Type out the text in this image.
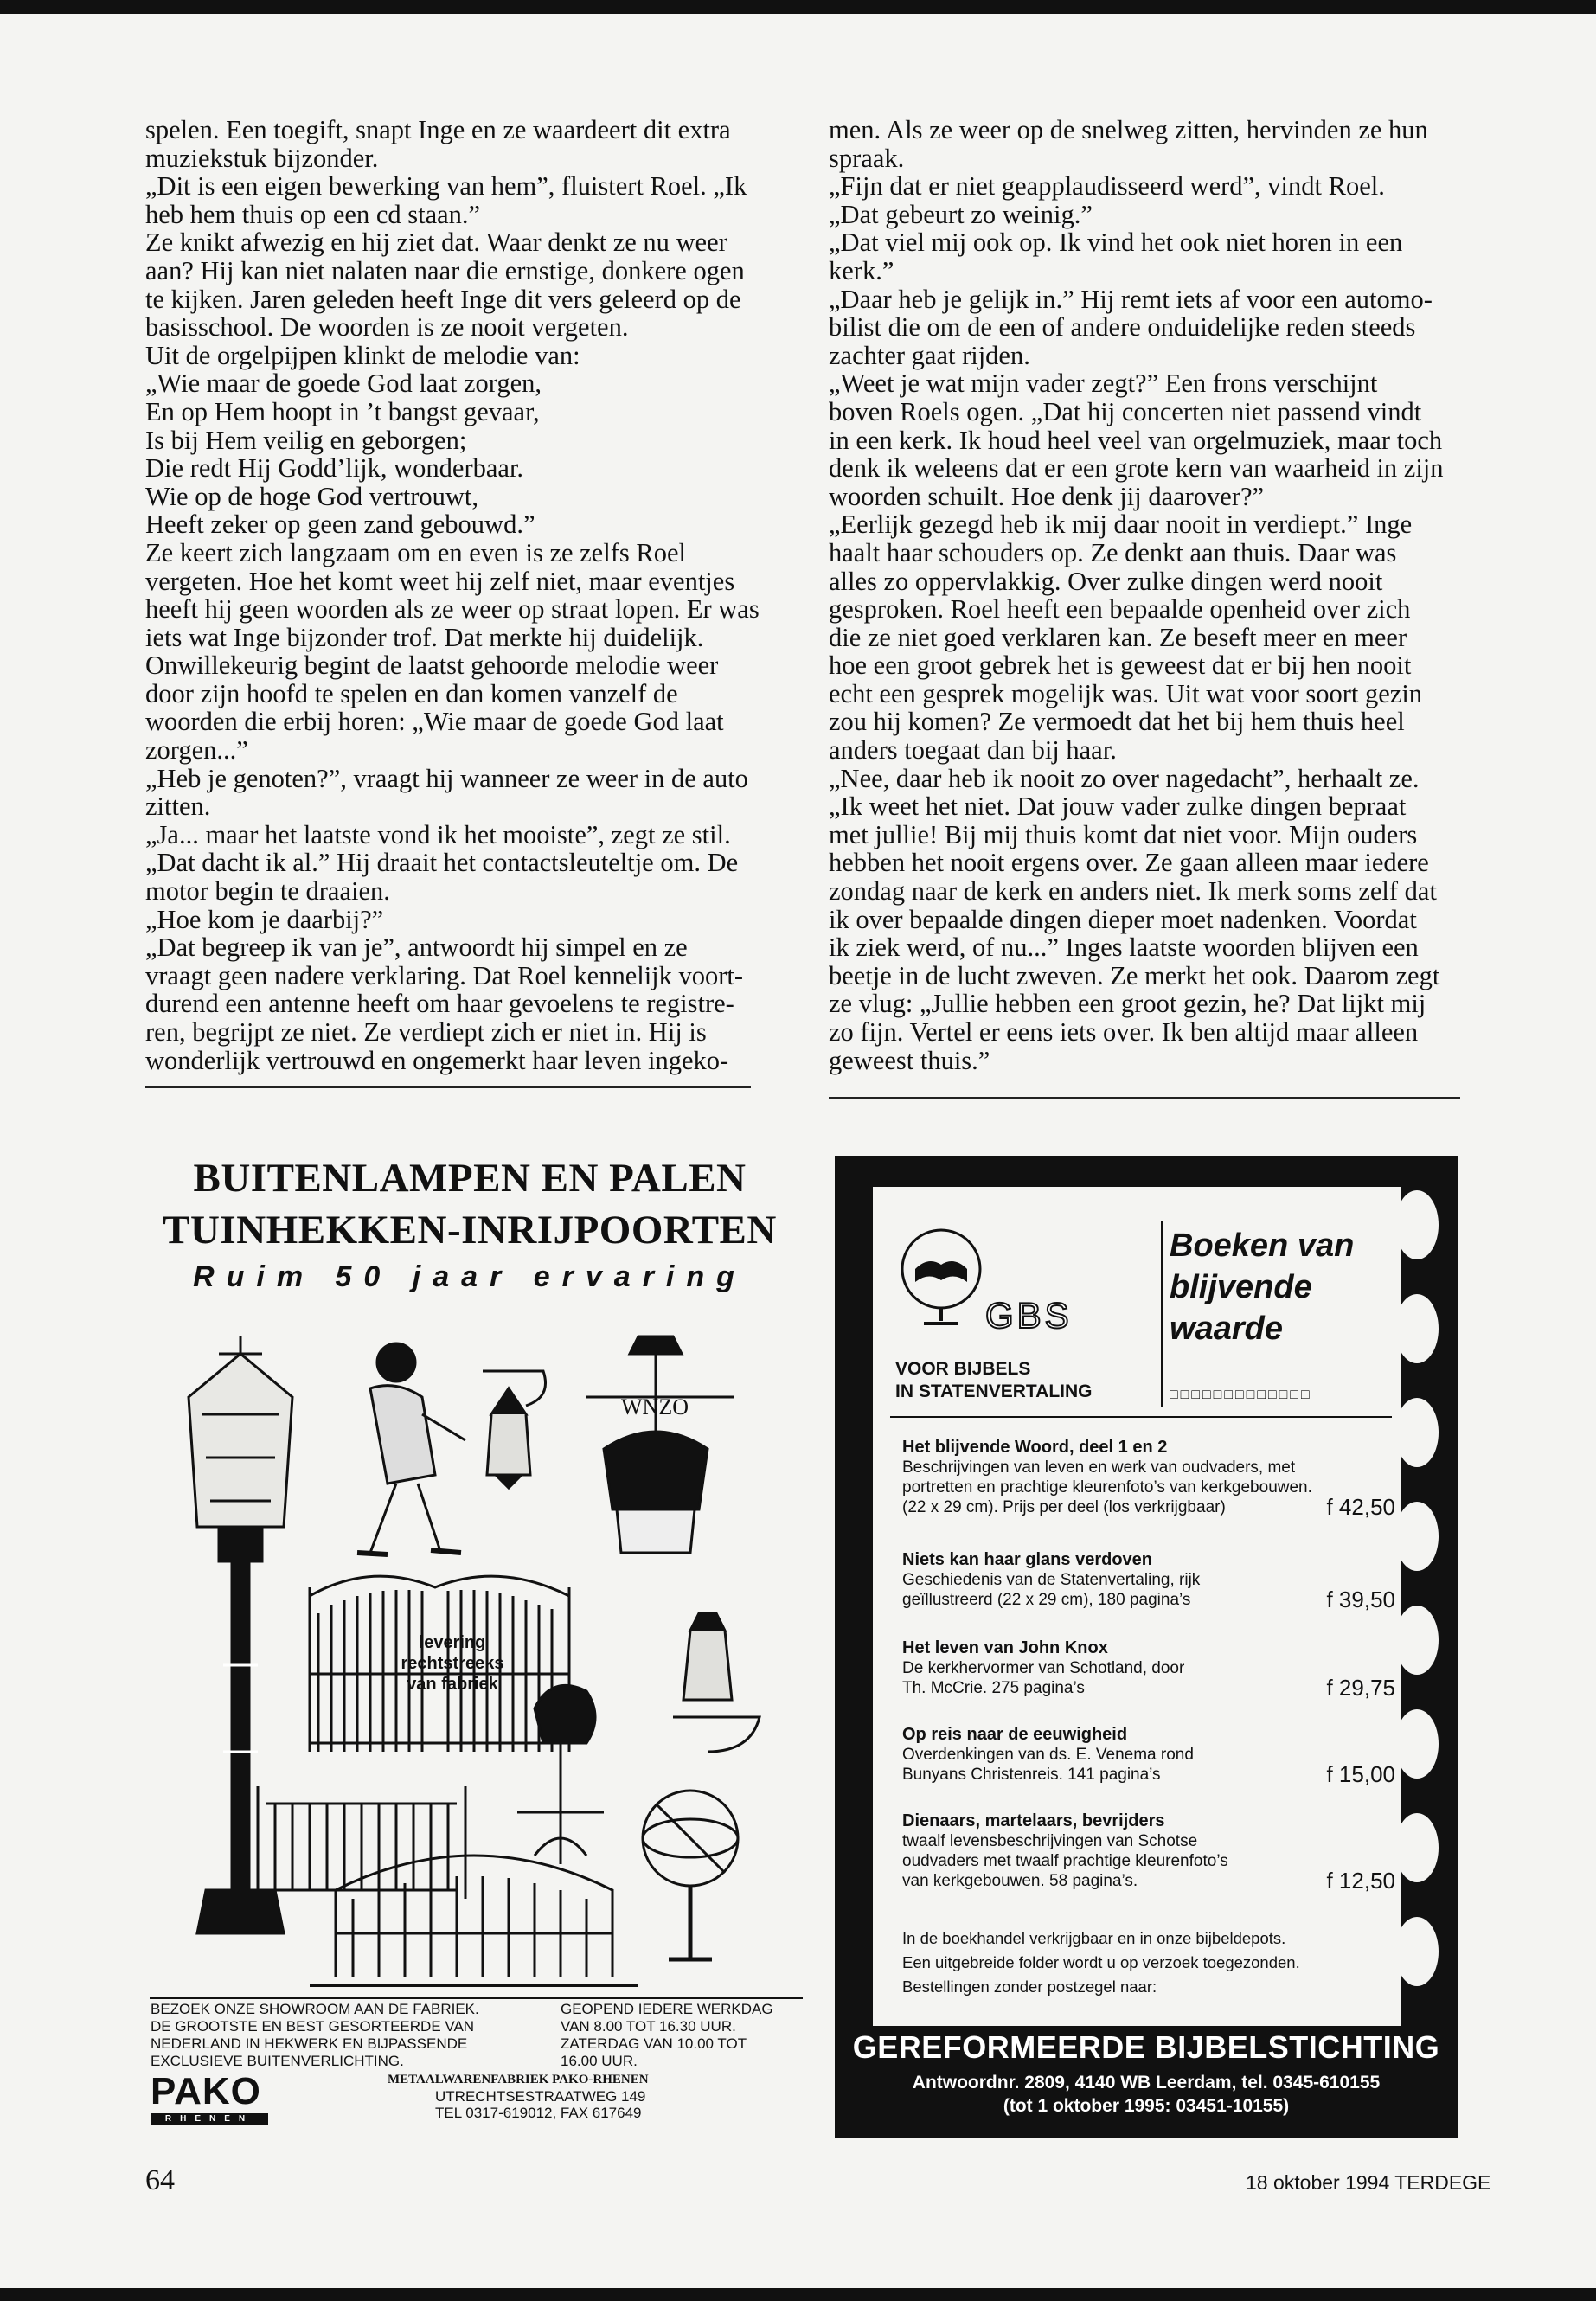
spelen. Een toegift, snapt Inge en ze waardeert dit extra

muziekstuk bijzonder.

„Dit is een eigen bewerking van hem”, fluistert Roel. „Ik

heb hem thuis op een cd staan.”

Ze knikt afwezig en hij ziet dat. Waar denkt ze nu weer

aan? Hij kan niet nalaten naar die ernstige, donkere ogen

te kijken. Jaren geleden heeft Inge dit vers geleerd op de

basisschool. De woorden is ze nooit vergeten.

Uit de orgelpijpen klinkt de melodie van:

„Wie maar de goede God laat zorgen,

En op Hem hoopt in ’t bangst gevaar,

Is bij Hem veilig en geborgen;

Die redt Hij Godd’lijk, wonderbaar.

Wie op de hoge God vertrouwt,

Heeft zeker op geen zand gebouwd.”

Ze keert zich langzaam om en even is ze zelfs Roel

vergeten. Hoe het komt weet hij zelf niet, maar eventjes

heeft hij geen woorden als ze weer op straat lopen. Er was

iets wat Inge bijzonder trof. Dat merkte hij duidelijk.

Onwillekeurig begint de laatst gehoorde melodie weer

door zijn hoofd te spelen en dan komen vanzelf de

woorden die erbij horen: „Wie maar de goede God laat

zorgen...”

„Heb je genoten?”, vraagt hij wanneer ze weer in de auto

zitten.

„Ja... maar het laatste vond ik het mooiste”, zegt ze stil.

„Dat dacht ik al.” Hij draait het contactsleuteltje om. De

motor begin te draaien.

„Hoe kom je daarbij?”

„Dat begreep ik van je”, antwoordt hij simpel en ze

vraagt geen nadere verklaring. Dat Roel kennelijk voort-

durend een antenne heeft om haar gevoelens te registre-

ren, begrijpt ze niet. Ze verdiept zich er niet in. Hij is

wonderlijk vertrouwd en ongemerkt haar leven ingeko-

men. Als ze weer op de snelweg zitten, hervinden ze hun

spraak.

„Fijn dat er niet geapplaudisseerd werd”, vindt Roel.

„Dat gebeurt zo weinig.”

„Dat viel mij ook op. Ik vind het ook niet horen in een

kerk.”

„Daar heb je gelijk in.” Hij remt iets af voor een automo-

bilist die om de een of andere onduidelijke reden steeds

zachter gaat rijden.

„Weet je wat mijn vader zegt?” Een frons verschijnt

boven Roels ogen. „Dat hij concerten niet passend vindt

in een kerk. Ik houd heel veel van orgelmuziek, maar toch

denk ik weleens dat er een grote kern van waarheid in zijn

woorden schuilt. Hoe denk jij daarover?”

„Eerlijk gezegd heb ik mij daar nooit in verdiept.” Inge

haalt haar schouders op. Ze denkt aan thuis. Daar was

alles zo oppervlakkig. Over zulke dingen werd nooit

gesproken. Roel heeft een bepaalde openheid over zich

die ze niet goed verklaren kan. Ze beseft meer en meer

hoe een groot gebrek het is geweest dat er bij hen nooit

echt een gesprek mogelijk was. Uit wat voor soort gezin

zou hij komen? Ze vermoedt dat het bij hem thuis heel

anders toegaat dan bij haar.

„Nee, daar heb ik nooit zo over nagedacht”, herhaalt ze.

„Ik weet het niet. Dat jouw vader zulke dingen bepraat

met jullie! Bij mij thuis komt dat niet voor. Mijn ouders

hebben het nooit ergens over. Ze gaan alleen maar iedere

zondag naar de kerk en anders niet. Ik merk soms zelf dat

ik over bepaalde dingen dieper moet nadenken. Voordat

ik ziek werd, of nu...” Inges laatste woorden blijven een

beetje in de lucht zweven. Ze merkt het ook. Daarom zegt

ze vlug: „Jullie hebben een groot gezin, he? Dat lijkt mij

zo fijn. Vertel er eens iets over. Ik ben altijd maar alleen

geweest thuis.”

BUITENLAMPEN EN PALEN
TUINHEKKEN-INRIJPOORTEN
Ruim 50 jaar ervaring
WNZO
levering
rechtstreeks
van fabriek
BEZOEK ONZE SHOWROOM AAN DE FABRIEK.
DE GROOTSTE EN BEST GESORTEERDE VAN
NEDERLAND IN HEKWERK EN BIJPASSENDE
EXCLUSIEVE BUITENVERLICHTING.
GEOPEND IEDERE WERKDAG
VAN 8.00 TOT 16.30 UUR.
ZATERDAG VAN 10.00 TOT
16.00 UUR.
PAKO
RHENEN
METAALWARENFABRIEK PAKO-RHENEN
UTRECHTSESTRAATWEG 149
TEL 0317-619012, FAX 617649
GBS
VOOR BIJBELS
IN STATENVERTALING
Boeken van
blijvende
waarde
□□□□□□□□□□□□□
Het blijvende Woord, deel 1 en 2
Beschrijvingen van leven en werk van oudvaders, met
portretten en prachtige kleurenfoto’s van kerkgebouwen.
(22 x 29 cm). Prijs per deel (los verkrijgbaar)	f 42,50
Niets kan haar glans verdoven
Geschiedenis van de Statenvertaling, rijk
geïllustreerd (22 x 29 cm), 180 pagina’s	f 39,50
Het leven van John Knox
De kerkhervormer van Schotland, door
Th. McCrie. 275 pagina’s	f 29,75
Op reis naar de eeuwigheid
Overdenkingen van ds. E. Venema rond
Bunyans Christenreis. 141 pagina’s	f 15,00
Dienaars, martelaars, bevrijders
twaalf levensbeschrijvingen van Schotse
oudvaders met twaalf prachtige kleurenfoto’s
van kerkgebouwen. 58 pagina’s.	f 12,50
In de boekhandel verkrijgbaar en in onze bijbeldepots.
Een uitgebreide folder wordt u op verzoek toegezonden.
Bestellingen zonder postzegel naar:
GEREFORMEERDE BIJBELSTICHTING
Antwoordnr. 2809, 4140 WB Leerdam, tel. 0345-610155
(tot 1 oktober 1995: 03451-10155)
64	18 oktober 1994 TERDEGE
